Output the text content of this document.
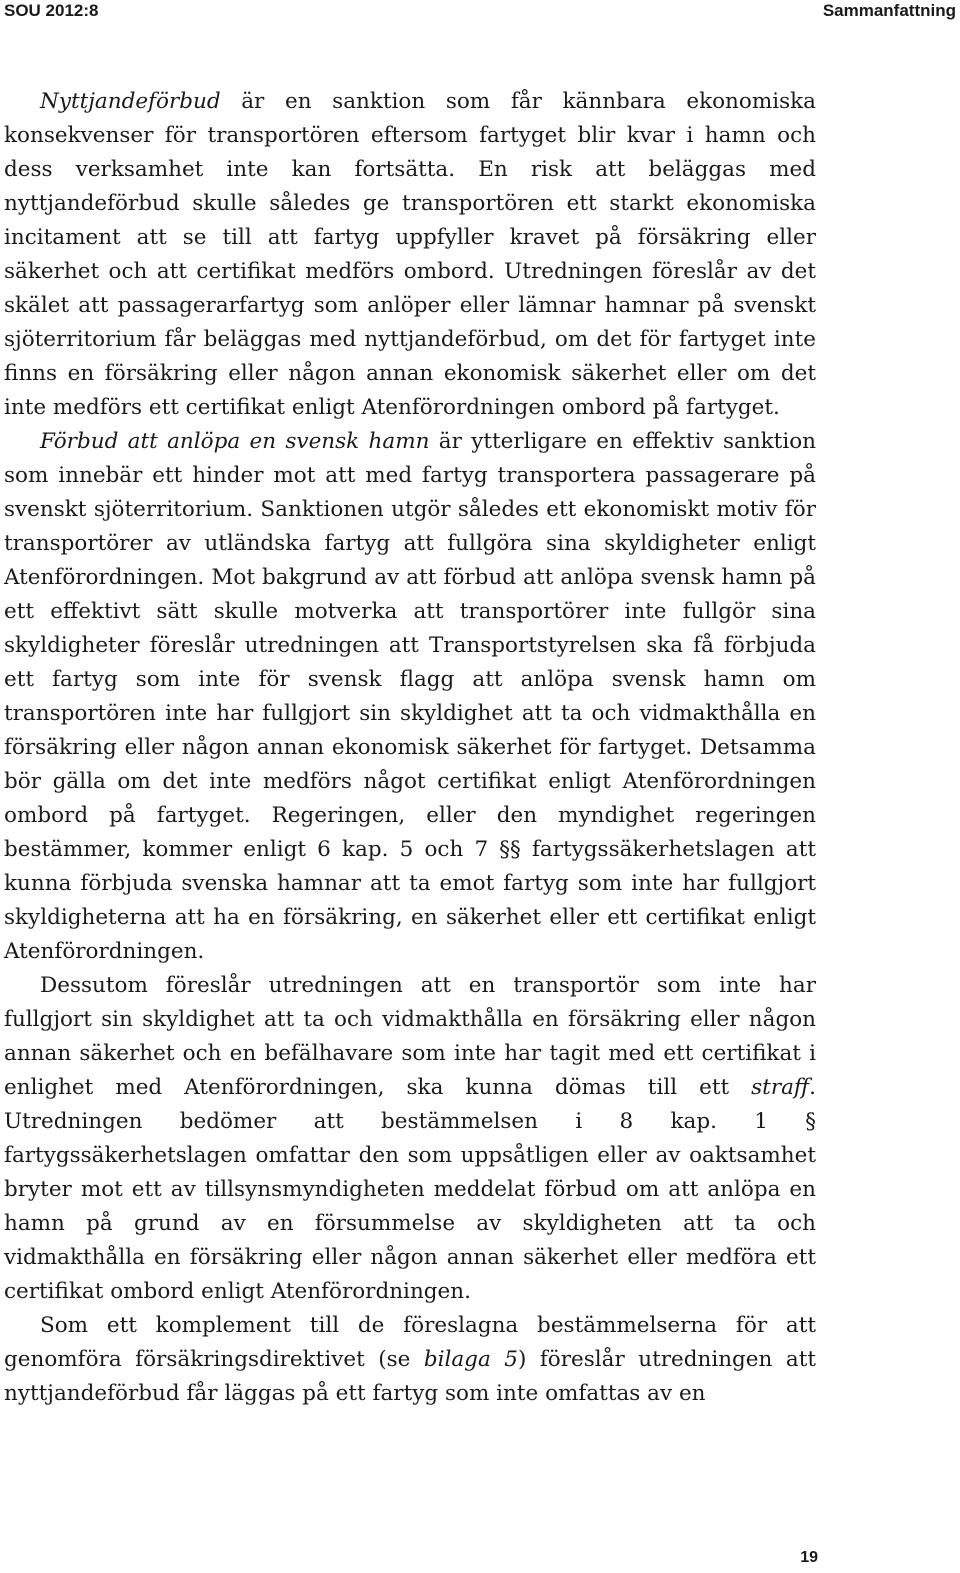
SOU 2012:8	Sammanfattning

Nyttjandeförbud är en sanktion som får kännbara ekonomiska konsekvenser för transportören eftersom fartyget blir kvar i hamn och dess verksamhet inte kan fortsätta. En risk att beläggas med nyttjandeförbud skulle således ge transportören ett starkt ekonomiska incitament att se till att fartyg uppfyller kravet på försäkring eller säkerhet och att certifikat medförs ombord. Utredningen föreslår av det skälet att passagerarfartyg som anlöper eller lämnar hamnar på svenskt sjöterritorium får beläggas med nyttjandeförbud, om det för fartyget inte finns en försäkring eller någon annan ekonomisk säkerhet eller om det inte medförs ett certifikat enligt Atenförordningen ombord på fartyget.

Förbud att anlöpa en svensk hamn är ytterligare en effektiv sanktion som innebär ett hinder mot att med fartyg transportera passagerare på svenskt sjöterritorium. Sanktionen utgör således ett ekonomiskt motiv för transportörer av utländska fartyg att fullgöra sina skyldigheter enligt Atenförordningen. Mot bakgrund av att förbud att anlöpa svensk hamn på ett effektivt sätt skulle motverka att transportörer inte fullgör sina skyldigheter föreslår utredningen att Transportstyrelsen ska få förbjuda ett fartyg som inte för svensk flagg att anlöpa svensk hamn om transportören inte har fullgjort sin skyldighet att ta och vidmakthålla en försäkring eller någon annan ekonomisk säkerhet för fartyget. Detsamma bör gälla om det inte medförs något certifikat enligt Atenförordningen ombord på fartyget. Regeringen, eller den myndighet regeringen bestämmer, kommer enligt 6 kap. 5 och 7 §§ fartygssäkerhetslagen att kunna förbjuda svenska hamnar att ta emot fartyg som inte har fullgjort skyldigheterna att ha en försäkring, en säkerhet eller ett certifikat enligt Atenförordningen.

Dessutom föreslår utredningen att en transportör som inte har fullgjort sin skyldighet att ta och vidmakthålla en försäkring eller någon annan säkerhet och en befälhavare som inte har tagit med ett certifikat i enlighet med Atenförordningen, ska kunna dömas till ett straff. Utredningen bedömer att bestämmelsen i 8 kap. 1 § fartygssäkerhetslagen omfattar den som uppsåtligen eller av oaktsamhet bryter mot ett av tillsynsmyndigheten meddelat förbud om att anlöpa en hamn på grund av en försummelse av skyldigheten att ta och vidmakthålla en försäkring eller någon annan säkerhet eller medföra ett certifikat ombord enligt Atenförordningen.

Som ett komplement till de föreslagna bestämmelserna för att genomföra försäkringsdirektivet (se bilaga 5) föreslår utredningen att nyttjandeförbud får läggas på ett fartyg som inte omfattas av en

19
